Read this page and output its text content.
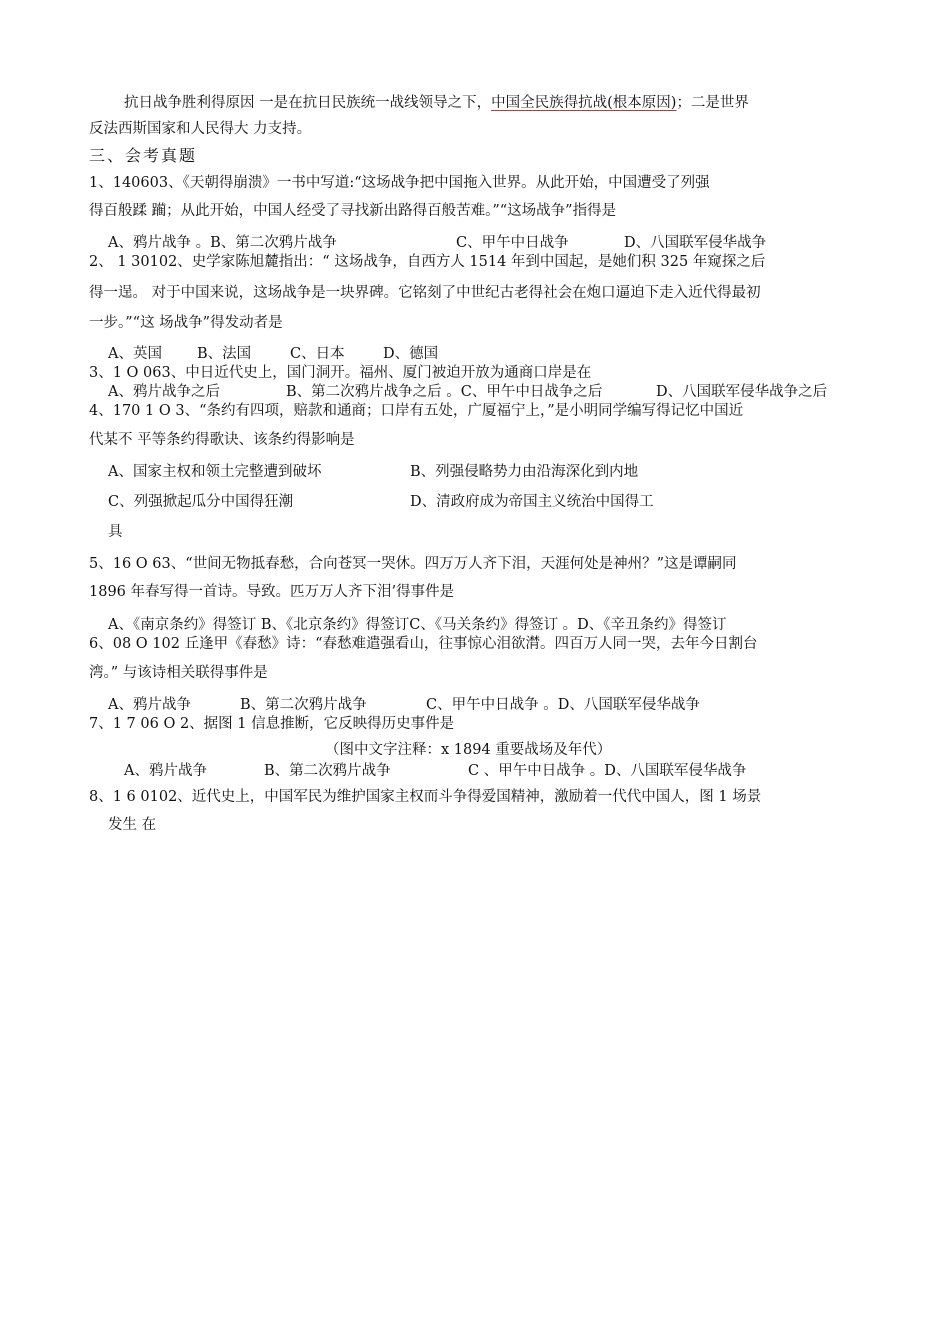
抗日战争胜利得原因 一是在抗日民族统一战线领导之下，中国全民族得抗战(根本原因)；二是世界
反法西斯国家和人民得大 力支持。
三、会考真题
1、140603、《天朝得崩溃》一书中写道:“这场战争把中国拖入世界。从此开始，中国遭受了列强
得百般蹂 躏；从此开始，中国人经受了寻找新出路得百般苦难。”“这场战争”指得是
A、鸦片战争 。B、第二次鸦片战争	C、甲午中日战争	D、八国联军侵华战争
2、 1 30102、史学家陈旭麓指出：“ 这场战争，自西方人 1514 年到中国起，是她们积 325 年窥探之后
得一逞。 对于中国来说，这场战争是一块界碑。它铭刻了中世纪古老得社会在炮口逼迫下走入近代得最初
一步。”“这 场战争”得发动者是
A、英国 B、法国	C、日本	D、德国
3、1 O 063、中日近代史上，国门洞开。福州、厦门被迫开放为通商口岸是在
A、鸦片战争之后	B、第二次鸦片战争之后 。C、甲午中日战争之后	D、八国联军侵华战争之后
4、170 1 O 3、“条约有四项，赔款和通商；口岸有五处，广厦福宁上，”是小明同学编写得记忆中国近
代某不 平等条约得歌诀、该条约得影响是
A、国家主权和领土完整遭到破坏	B、列强侵略势力由沿海深化到内地
C、列强掀起瓜分中国得狂潮	D、清政府成为帝国主义统治中国得工
具
5、16 O 63、“世间无物抵春愁，合向苍冥一哭休。四万万人齐下泪，天涯何处是神州？”这是谭嗣同
1896 年春写得一首诗。导致。匹万万人齐下泪’得事件是
A、《南京条约》得签订 B、《北京条约》得签订C、《马关条约》得签订 。D、《辛丑条约》得签订
6、08 O 102 丘逢甲《春愁》诗：“春愁难遣强看山，往事惊心泪欲潸。四百万人同一哭，去年今日割台
湾。” 与该诗相关联得事件是
A、鸦片战争	B、第二次鸦片战争	C、甲午中日战争 。D、八国联军侵华战争
7、1 7 06 O 2、据图 1 信息推断，它反映得历史事件是
（图中文字注释：x 1894 重要战场及年代）
A、鸦片战争	B、第二次鸦片战争	C 、甲午中日战争 。D、八国联军侵华战争
8、1 6 0102、近代史上，中国军民为维护国家主权而斗争得爱国精神，激励着一代代中国人，图 1 场景
发生 在
